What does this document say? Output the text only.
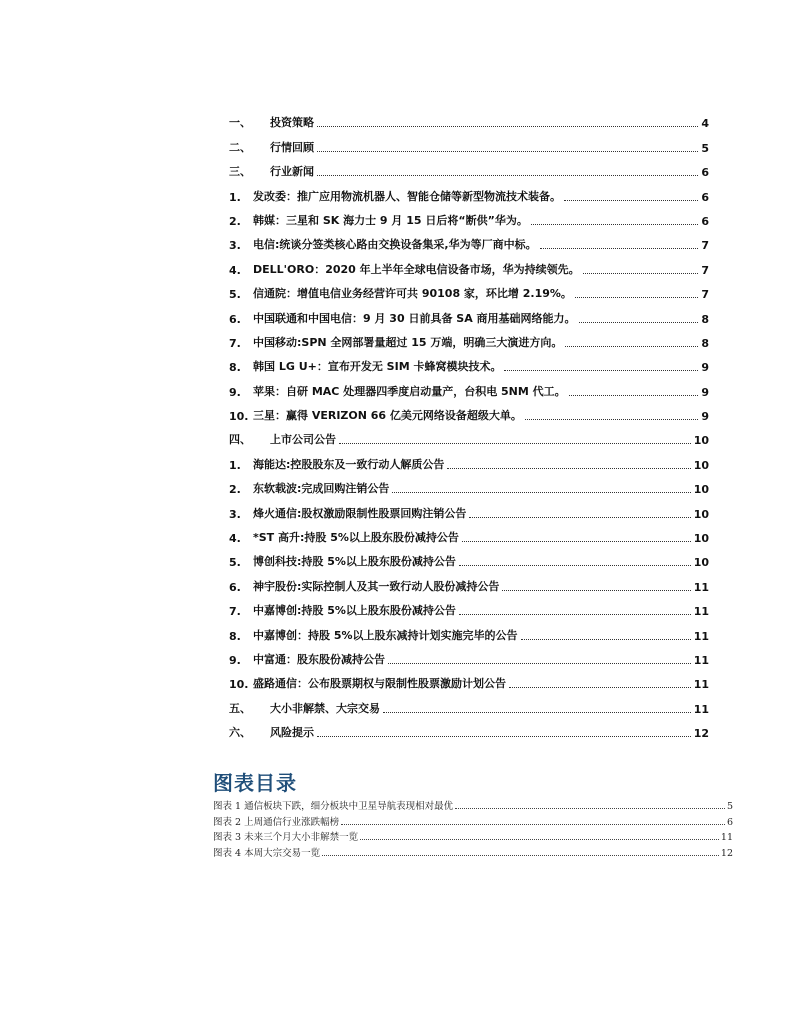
一、	投资策略	4
二、	行情回顾	5
三、	行业新闻	6
1.	发改委：推广应用物流机器人、智能仓储等新型物流技术装备。	6
2.	韩媒：三星和 SK 海力士 9 月 15 日后将“断供”华为。	6
3.	电信:统谈分签类核心路由交换设备集采,华为等厂商中标。	7
4.	DELL'ORO：2020 年上半年全球电信设备市场，华为持续领先。	7
5.	信通院：增值电信业务经营许可共 90108 家，环比增 2.19%。	7
6.	中国联通和中国电信：9 月 30 日前具备 SA 商用基础网络能力。	8
7.	中国移动:SPN 全网部署量超过 15 万端，明确三大演进方向。	8
8.	韩国 LG U+：宣布开发无 SIM 卡蜂窝模块技术。	9
9.	苹果：自研 MAC 处理器四季度启动量产，台积电 5NM 代工。	9
10. 三星：赢得 VERIZON 66 亿美元网络设备超级大单。	9
四、	上市公司公告	10
1.	海能达:控股股东及一致行动人解质公告	10
2.	东软载波:完成回购注销公告	10
3.	烽火通信:股权激励限制性股票回购注销公告	10
4.	*ST 高升:持股 5%以上股东股份减持公告	10
5.	博创科技:持股 5%以上股东股份减持公告	10
6.	神宇股份:实际控制人及其一致行动人股份减持公告	11
7.	中嘉博创:持股 5%以上股东股份减持公告	11
8.	中嘉博创：持股 5%以上股东减持计划实施完毕的公告	11
9.	中富通：股东股份减持公告	11
10. 盛路通信：公布股票期权与限制性股票激励计划公告	11
五、	大小非解禁、大宗交易	11
六、	风险提示	12
图表目录
图表 1 通信板块下跌，细分板块中卫星导航表现相对最优	5
图表 2 上周通信行业涨跌幅榜	6
图表 3 未来三个月大小非解禁一览	11
图表 4 本周大宗交易一览	12
